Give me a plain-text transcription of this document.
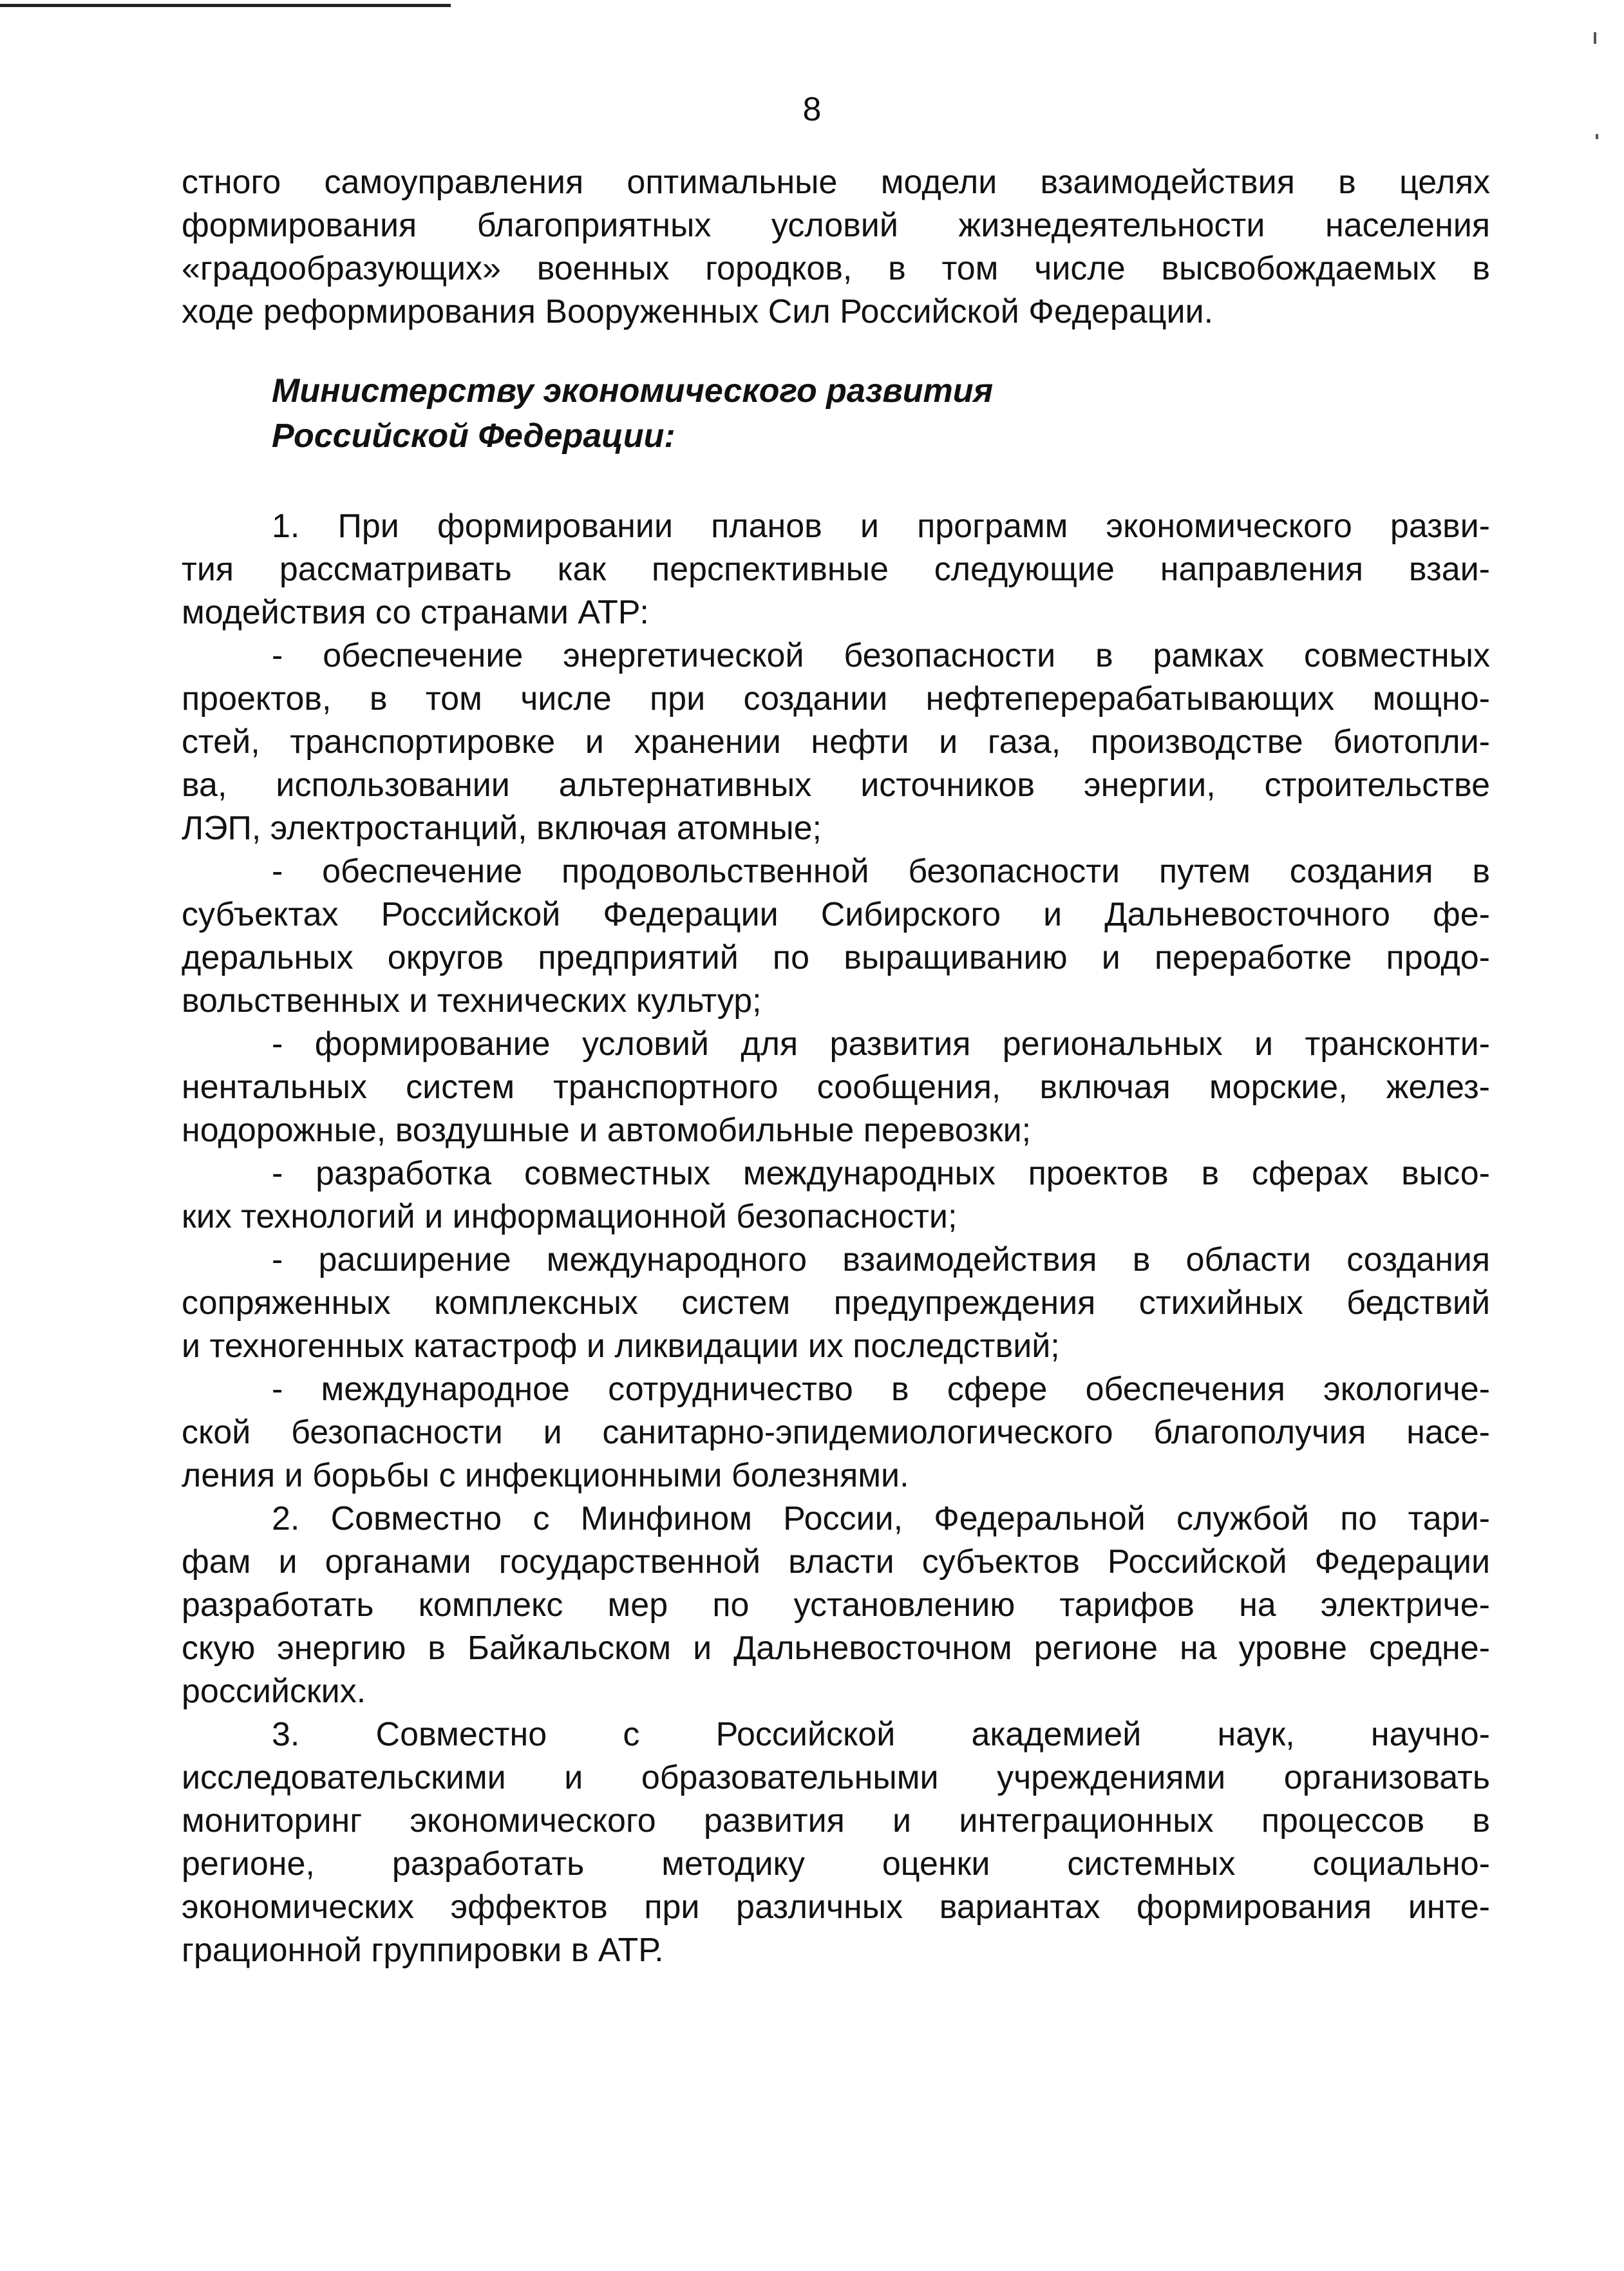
8
стного самоуправления оптимальные модели взаимодействия в целях
формирования благоприятных условий жизнедеятельности населения
«градообразующих» военных городков, в том числе высвобождаемых в
ходе реформирования Вооруженных Сил Российской Федерации.
Министерству экономического развития
Российской Федерации:
1. При формировании планов и программ экономического разви-
тия рассматривать как перспективные следующие направления взаи-
модействия со странами АТР:
- обеспечение энергетической безопасности в рамках совместных
проектов, в том числе при создании нефтеперерабатывающих мощно-
стей, транспортировке и хранении нефти и газа, производстве биотопли-
ва, использовании альтернативных источников энергии, строительстве
ЛЭП, электростанций, включая атомные;
- обеспечение продовольственной безопасности путем создания в
субъектах Российской Федерации Сибирского и Дальневосточного фе-
деральных округов предприятий по выращиванию и переработке продо-
вольственных и технических культур;
- формирование условий для развития региональных и трансконти-
нентальных систем транспортного сообщения, включая морские, желез-
нодорожные, воздушные и автомобильные перевозки;
- разработка совместных международных проектов в сферах высо-
ких технологий и информационной безопасности;
- расширение международного взаимодействия в области создания
сопряженных комплексных систем предупреждения стихийных бедствий
и техногенных катастроф и ликвидации их последствий;
- международное сотрудничество в сфере обеспечения экологиче-
ской безопасности и санитарно-эпидемиологического благополучия насе-
ления и борьбы с инфекционными болезнями.
2. Совместно с Минфином России, Федеральной службой по тари-
фам и органами государственной власти субъектов Российской Федерации
разработать комплекс мер по установлению тарифов на электриче-
скую энергию в Байкальском и Дальневосточном регионе на уровне средне-
российских.
3. Совместно с Российской академией наук, научно-
исследовательскими и образовательными учреждениями организовать
мониторинг экономического развития и интеграционных процессов в
регионе, разработать методику оценки системных социально-
экономических эффектов при различных вариантах формирования инте-
грационной группировки в АТР.
